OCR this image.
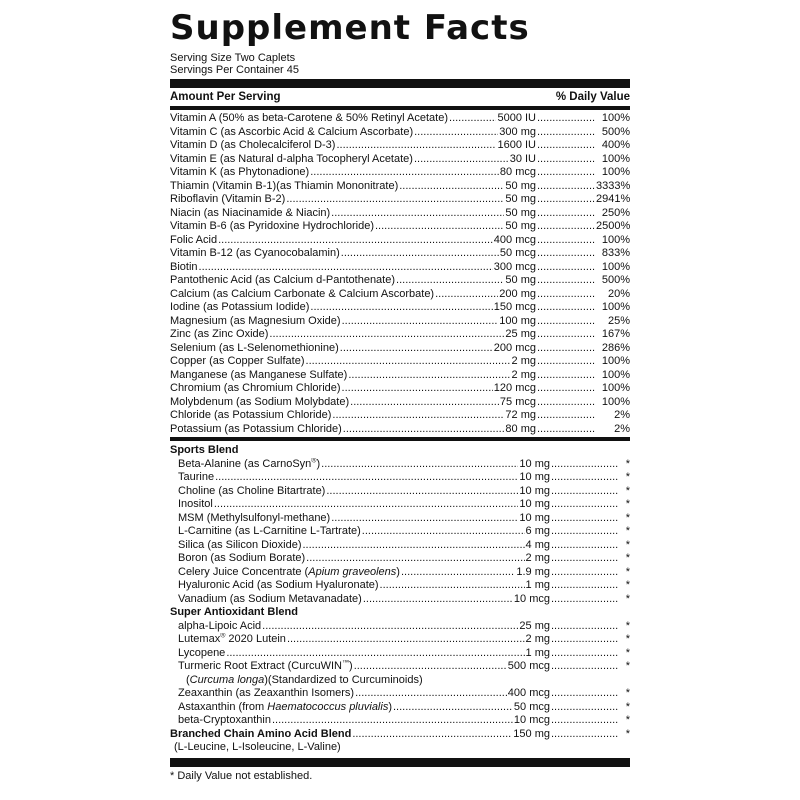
Supplement Facts
Serving Size Two Caplets
Servings Per Container 45
Amount Per Serving	% Daily Value
Vitamin A (50% as beta-Carotene & 50% Retinyl Acetate) .....	5000 IU .....	100%
Vitamin C (as Ascorbic Acid & Calcium Ascorbate) .....	300 mg .....	500%
Vitamin D (as Cholecalciferol D-3) .....	1600 IU .....	400%
Vitamin E (as Natural d-alpha Tocopheryl Acetate) .....	30 IU .....	100%
Vitamin K (as Phytonadione) .....	80 mcg .....	100%
Thiamin (Vitamin B-1)(as Thiamin Mononitrate) .....	50 mg .....	3333%
Riboflavin (Vitamin B-2) .....	50 mg .....	2941%
Niacin (as Niacinamide & Niacin) .....	50 mg .....	250%
Vitamin B-6 (as Pyridoxine Hydrochloride) .....	50 mg .....	2500%
Folic Acid .....	400 mcg .....	100%
Vitamin B-12 (as Cyanocobalamin) .....	50 mcg .....	833%
Biotin .....	300 mcg .....	100%
Pantothenic Acid (as Calcium d-Pantothenate) .....	50 mg .....	500%
Calcium (as Calcium Carbonate & Calcium Ascorbate) .....	200 mg .....	20%
Iodine (as Potassium Iodide) .....	150 mcg .....	100%
Magnesium (as Magnesium Oxide) .....	100 mg .....	25%
Zinc (as Zinc Oxide) .....	25 mg .....	167%
Selenium (as L-Selenomethionine) .....	200 mcg .....	286%
Copper (as Copper Sulfate) .....	2 mg .....	100%
Manganese (as Manganese Sulfate) .....	2 mg .....	100%
Chromium (as Chromium Chloride) .....	120 mcg .....	100%
Molybdenum (as Sodium Molybdate) .....	75 mcg .....	100%
Chloride (as Potassium Chloride) .....	72 mg .....	2%
Potassium (as Potassium Chloride) .....	80 mg .....	2%
Sports Blend
Beta-Alanine (as CarnoSyn®) .....	10 mg .....	*
Taurine .....	10 mg .....	*
Choline (as Choline Bitartrate) .....	10 mg .....	*
Inositol .....	10 mg .....	*
MSM (Methylsulfonyl-methane) .....	10 mg .....	*
L-Carnitine (as L-Carnitine L-Tartrate) .....	6 mg .....	*
Silica (as Silicon Dioxide) .....	4 mg .....	*
Boron (as Sodium Borate) .....	2 mg .....	*
Celery Juice Concentrate (Apium graveolens) .....	1.9 mg .....	*
Hyaluronic Acid (as Sodium Hyaluronate) .....	1 mg .....	*
Vanadium (as Sodium Metavanadate) .....	10 mcg .....	*
Super Antioxidant Blend
alpha-Lipoic Acid .....	25 mg .....	*
Lutemax® 2020 Lutein .....	2 mg .....	*
Lycopene .....	1 mg .....	*
Turmeric Root Extract (CurcuWIN™) .....	500 mcg .....	*
(Curcuma longa)(Standardized to Curcuminoids)
Zeaxanthin (as Zeaxanthin Isomers) .....	400 mcg .....	*
Astaxanthin (from Haematococcus pluvialis) .....	50 mcg .....	*
beta-Cryptoxanthin .....	10 mcg .....	*
Branched Chain Amino Acid Blend .....	150 mg .....	*
(L-Leucine, L-Isoleucine, L-Valine)
* Daily Value not established.
